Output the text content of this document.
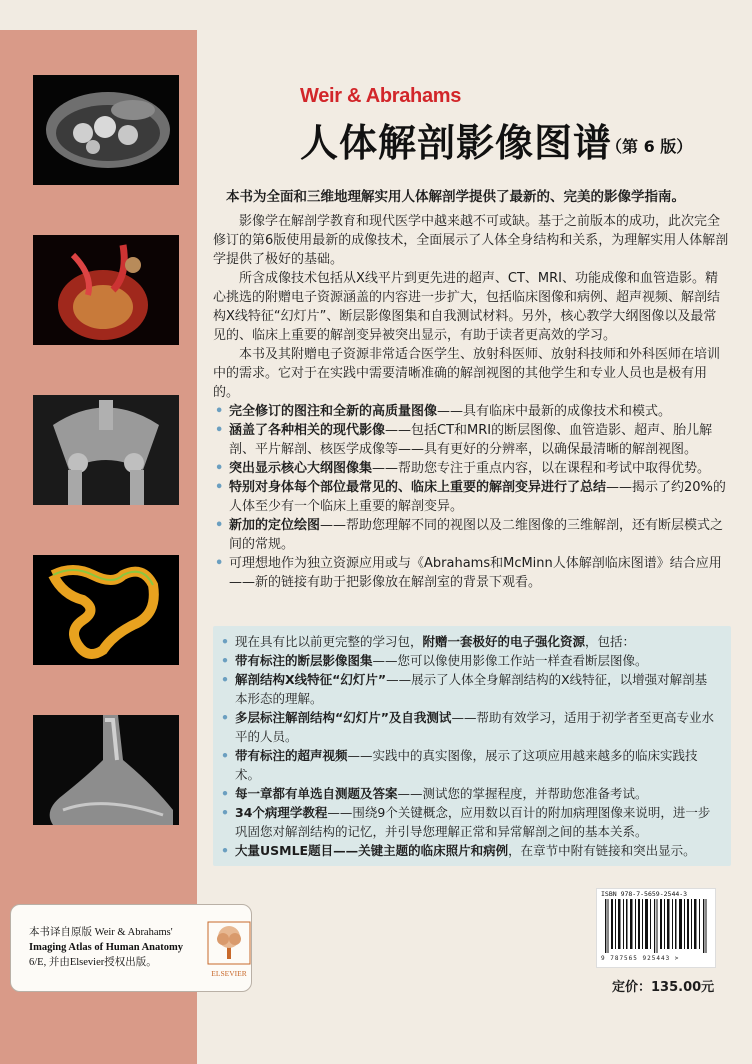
Weir & Abrahams
人体解剖影像图谱
（第 6 版）
本书为全面和三维地理解实用人体解剖学提供了最新的、完美的影像学指南。

影像学在解剖学教育和现代医学中越来越不可或缺。基于之前版本的成功，此次完全修订的第6版使用最新的成像技术，全面展示了人体全身结构和关系，为理解实用人体解剖学提供了极好的基础。

所含成像技术包括从X线平片到更先进的超声、CT、MRI、功能成像和血管造影。精心挑选的附赠电子资源涵盖的内容进一步扩大，包括临床图像和病例、超声视频、解剖结构X线特征“幻灯片”、断层影像图集和自我测试材料。另外，核心教学大纲图像以及最常见的、临床上重要的解剖变异被突出显示，有助于读者更高效的学习。

本书及其附赠电子资源非常适合医学生、放射科医师、放射科技师和外科医师在培训中的需求。它对于在实践中需要清晰准确的解剖视图的其他学生和专业人员也是极有用的。

• 完全修订的图注和全新的高质量图像——具有临床中最新的成像技术和模式。
• 涵盖了各种相关的现代影像——包括CT和MRI的断层图像、血管造影、超声、胎儿解剖、平片解剖、核医学成像等——具有更好的分辨率，以确保最清晰的解剖视图。
• 突出显示核心大纲图像集——帮助您专注于重点内容，以在课程和考试中取得优势。
• 特别对身体每个部位最常见的、临床上重要的解剖变异进行了总结——揭示了约20%的人体至少有一个临床上重要的解剖变异。
• 新加的定位绘图——帮助您理解不同的视图以及二维图像的三维解剖，还有断层模式之间的常规。
• 可理想地作为独立资源应用或与《Abrahams和McMinn人体解剖临床图谱》结合应用——新的链接有助于把影像放在解剖室的背景下观看。
• 现在具有比以前更完整的学习包，附赠一套极好的电子强化资源，包括：
• 带有标注的断层影像图集——您可以像使用影像工作站一样查看断层图像。
• 解剖结构X线特征“幻灯片”——展示了人体全身解剖结构的X线特征，以增强对解剖基本形态的理解。
• 多层标注解剖结构“幻灯片”及自我测试——帮助有效学习，适用于初学者至更高专业水平的人员。
• 带有标注的超声视频——实践中的真实图像，展示了这项应用越来越多的临床实践技术。
• 每一章都有单选自测题及答案——测试您的掌握程度，并帮助您准备考试。
• 34个病理学教程——围绕9个关键概念，应用数以百计的附加病理图像来说明，进一步巩固您对解剖结构的记忆，并引导您理解正常和异常解剖之间的基本关系。
• 大量USMLE题目——关键主题的临床照片和病例，在章节中附有链接和突出显示。
本书译自原版 Weir & Abrahams'
Imaging Atlas of Human Anatomy
6/E, 并由Elsevier授权出版。
ELSEVIER
ISBN 978-7-5659-2544-3
9 787565 925443 >
定价：135.00元
